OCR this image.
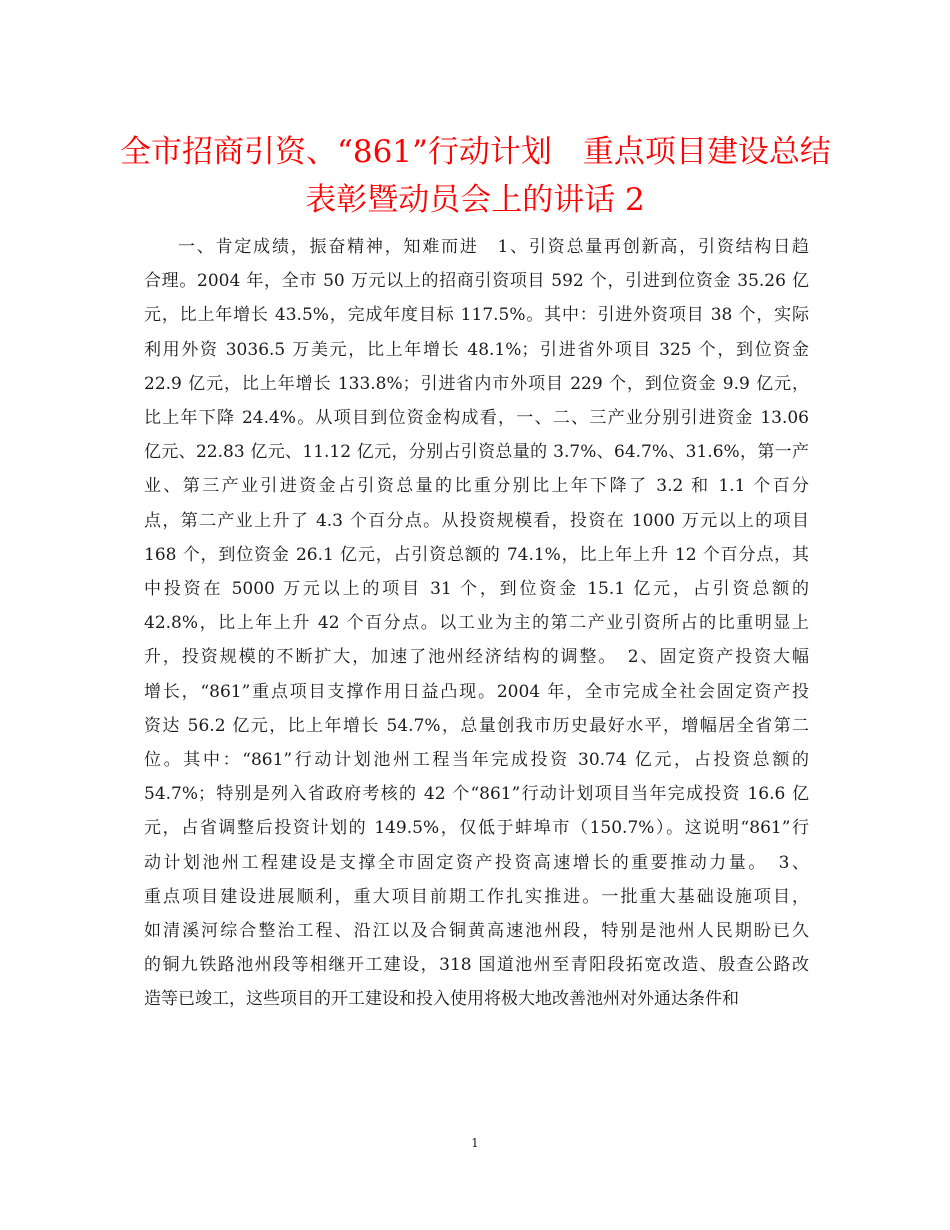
全市招商引资、“861”行动计划　重点项目建设总结
表彰暨动员会上的讲话 2
一、肯定成绩，振奋精神，知难而进　1、引资总量再创新高，引资结构日趋
合理。2004 年，全市 50 万元以上的招商引资项目 592 个，引进到位资金 35.26 亿
元，比上年增长 43.5%，完成年度目标 117.5%。其中：引进外资项目 38 个，实际
利用外资 3036.5 万美元，比上年增长 48.1%；引进省外项目 325 个，到位资金
22.9 亿元，比上年增长 133.8%；引进省内市外项目 229 个，到位资金 9.9 亿元，
比上年下降 24.4%。从项目到位资金构成看，一、二、三产业分别引进资金 13.06
亿元、22.83 亿元、11.12 亿元，分别占引资总量的 3.7%、64.7%、31.6%，第一产
业、第三产业引进资金占引资总量的比重分别比上年下降了 3.2 和 1.1 个百分
点，第二产业上升了 4.3 个百分点。从投资规模看，投资在 1000 万元以上的项目
168 个，到位资金 26.1 亿元，占引资总额的 74.1%，比上年上升 12 个百分点，其
中投资在 5000 万元以上的项目 31 个，到位资金 15.1 亿元，占引资总额的
42.8%，比上年上升 42 个百分点。以工业为主的第二产业引资所占的比重明显上
升，投资规模的不断扩大，加速了池州经济结构的调整。　2、固定资产投资大幅
增长，“861”重点项目支撑作用日益凸现。2004 年，全市完成全社会固定资产投
资达 56.2 亿元，比上年增长 54.7%，总量创我市历史最好水平，增幅居全省第二
位。其中：“861”行动计划池州工程当年完成投资 30.74 亿元，占投资总额的
54.7%；特别是列入省政府考核的 42 个“861”行动计划项目当年完成投资 16.6 亿
元，占省调整后投资计划的 149.5%，仅低于蚌埠市（150.7%）。这说明“861”行
动计划池州工程建设是支撑全市固定资产投资高速增长的重要推动力量。　3、
重点项目建设进展顺利，重大项目前期工作扎实推进。一批重大基础设施项目，
如清溪河综合整治工程、沿江以及合铜黄高速池州段，特别是池州人民期盼已久
的铜九铁路池州段等相继开工建设，318 国道池州至青阳段拓宽改造、殷查公路改
造等已竣工，这些项目的开工建设和投入使用将极大地改善池州对外通达条件和
1
